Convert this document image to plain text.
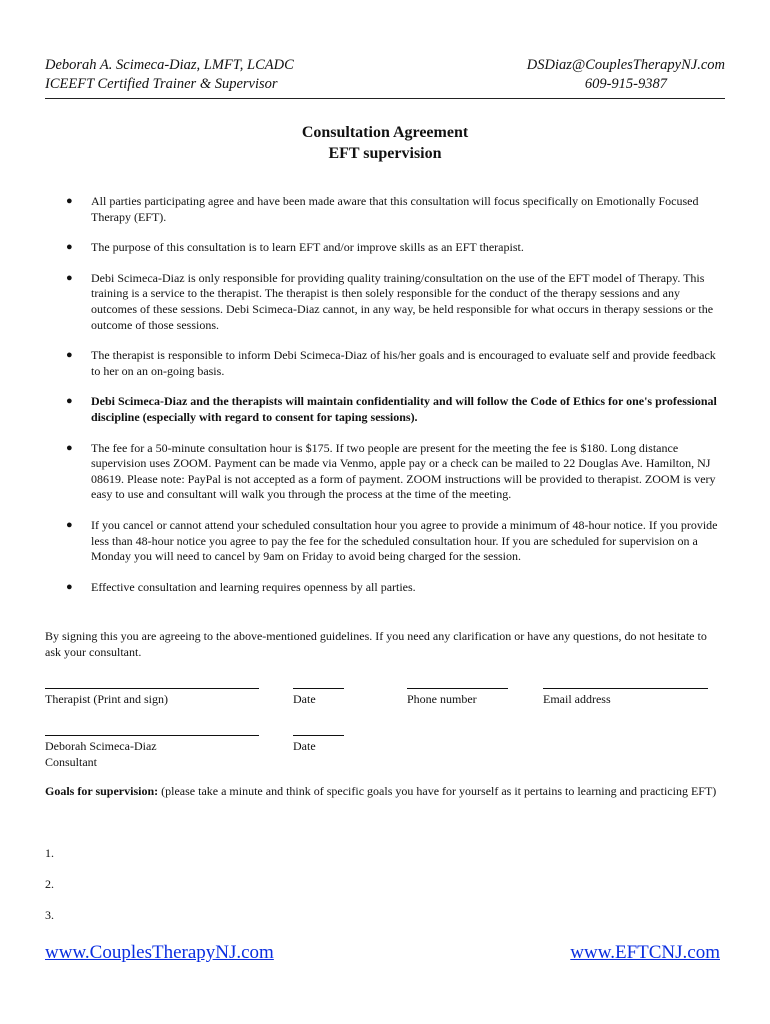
Deborah A. Scimeca-Diaz, LMFT, LCADC
ICEEFT Certified Trainer & Supervisor
DSDiaz@CouplesTherapyNJ.com
609-915-9387
Consultation Agreement
EFT supervision
● All parties participating agree and have been made aware that this consultation will focus specifically on Emotionally Focused Therapy (EFT).
● The purpose of this consultation is to learn EFT and/or improve skills as an EFT therapist.
● Debi Scimeca-Diaz is only responsible for providing quality training/consultation on the use of the EFT model of Therapy. This training is a service to the therapist. The therapist is then solely responsible for the conduct of the therapy sessions and any outcomes of these sessions. Debi Scimeca-Diaz cannot, in any way, be held responsible for what occurs in therapy sessions or the outcome of those sessions.
● The therapist is responsible to inform Debi Scimeca-Diaz of his/her goals and is encouraged to evaluate self and provide feedback to her on an on-going basis.
● Debi Scimeca-Diaz and the therapists will maintain confidentiality and will follow the Code of Ethics for one's professional discipline (especially with regard to consent for taping sessions).
● The fee for a 50-minute consultation hour is $175. If two people are present for the meeting the fee is $180. Long distance supervision uses ZOOM. Payment can be made via Venmo, apple pay or a check can be mailed to 22 Douglas Ave. Hamilton, NJ 08619. Please note: PayPal is not accepted as a form of payment. ZOOM instructions will be provided to therapist. ZOOM is very easy to use and consultant will walk you through the process at the time of the meeting.
● If you cancel or cannot attend your scheduled consultation hour you agree to provide a minimum of 48-hour notice. If you provide less than 48-hour notice you agree to pay the fee for the scheduled consultation hour. If you are scheduled for supervision on a Monday you will need to cancel by 9am on Friday to avoid being charged for the session.
● Effective consultation and learning requires openness by all parties.
By signing this you are agreeing to the above-mentioned guidelines. If you need any clarification or have any questions, do not hesitate to ask your consultant.
Therapist (Print and sign)	Date	Phone number	Email address
Deborah Scimeca-Diaz
Consultant
Date
Goals for supervision: (please take a minute and think of specific goals you have for yourself as it pertains to learning and practicing EFT)
1.
2.
3.
www.CouplesTherapyNJ.com	www.EFTCNJ.com
